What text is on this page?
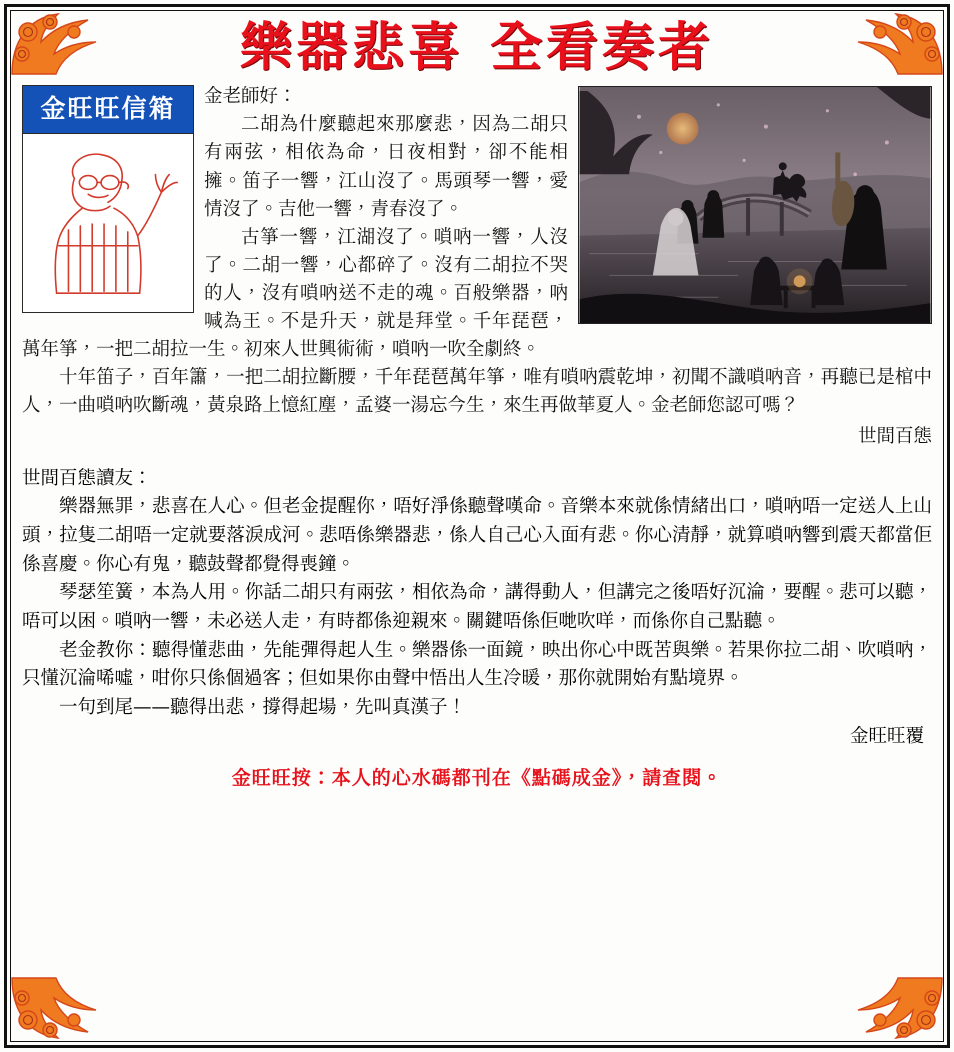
樂器悲喜 全看奏者
金旺旺信箱	金老師好：

二胡為什麼聽起來那麼悲，因為二胡只有兩弦，相依為命，日夜相對，卻不能相擁。笛子一響，江山沒了。馬頭琴一響，愛情沒了。吉他一響，青春沒了。

古箏一響，江湖沒了。嗩吶一響，人沒了。二胡一響，心都碎了。沒有二胡拉不哭的人，沒有嗩吶送不走的魂。百般樂器，吶喊為王。不是升天，就是拜堂。千年琵琶，萬年箏，一把二胡拉一生。初來人世興術術，嗩吶一吹全劇終。

十年笛子，百年簫，一把二胡拉斷腰，千年琵琶萬年箏，唯有嗩吶震乾坤，初聞不識嗩吶音，再聽已是棺中人，一曲嗩吶吹斷魂，黃泉路上憶紅塵，孟婆一湯忘今生，來生再做華夏人。金老師您認可嗎？

世間百態

世間百態讀友：

樂器無罪，悲喜在人心。但老金提醒你，唔好淨係聽聲嘆命。音樂本來就係情緒出口，嗩吶唔一定送人上山頭，拉隻二胡唔一定就要落淚成河。悲唔係樂器悲，係人自己心入面有悲。你心清靜，就算嗩吶響到震天都當佢係喜慶。你心有鬼，聽鼓聲都覺得喪鐘。

琴瑟笙簧，本為人用。你話二胡只有兩弦，相依為命，講得動人，但講完之後唔好沉淪，要醒。悲可以聽，唔可以困。嗩吶一響，未必送人走，有時都係迎親來。關鍵唔係佢哋吹咩，而係你自己點聽。

老金教你：聽得懂悲曲，先能彈得起人生。樂器係一面鏡，映出你心中既苦與樂。若果你拉二胡、吹嗩吶，只懂沉淪唏噓，咁你只係個過客；但如果你由聲中悟出人生冷暖，那你就開始有點境界。

一句到尾——聽得出悲，撐得起場，先叫真漢子！

金旺旺覆

金旺旺按：本人的心水碼都刊在《點碼成金》，請查閱。
